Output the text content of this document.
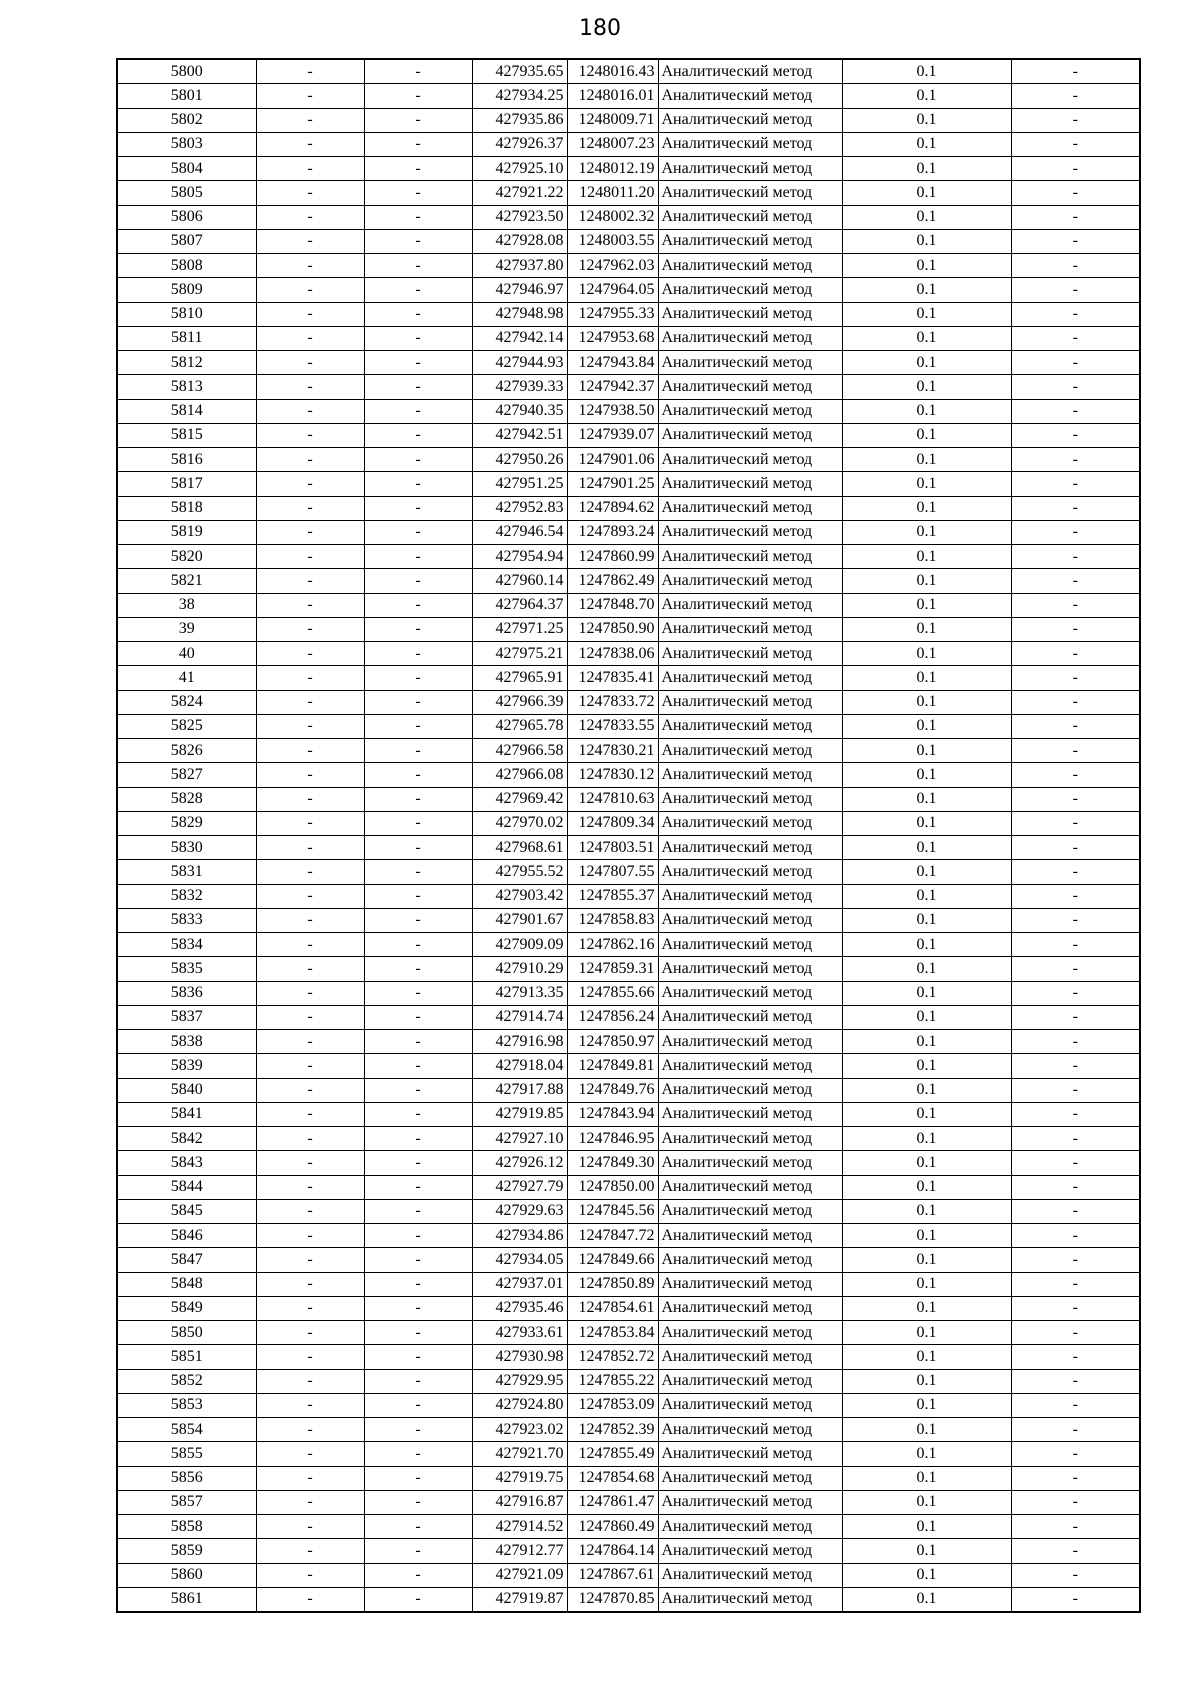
180
5800	-	-	427935.65	1248016.43	Аналитический метод	0.1	-
5801	-	-	427934.25	1248016.01	Аналитический метод	0.1	-
5802	-	-	427935.86	1248009.71	Аналитический метод	0.1	-
5803	-	-	427926.37	1248007.23	Аналитический метод	0.1	-
5804	-	-	427925.10	1248012.19	Аналитический метод	0.1	-
5805	-	-	427921.22	1248011.20	Аналитический метод	0.1	-
5806	-	-	427923.50	1248002.32	Аналитический метод	0.1	-
5807	-	-	427928.08	1248003.55	Аналитический метод	0.1	-
5808	-	-	427937.80	1247962.03	Аналитический метод	0.1	-
5809	-	-	427946.97	1247964.05	Аналитический метод	0.1	-
5810	-	-	427948.98	1247955.33	Аналитический метод	0.1	-
5811	-	-	427942.14	1247953.68	Аналитический метод	0.1	-
5812	-	-	427944.93	1247943.84	Аналитический метод	0.1	-
5813	-	-	427939.33	1247942.37	Аналитический метод	0.1	-
5814	-	-	427940.35	1247938.50	Аналитический метод	0.1	-
5815	-	-	427942.51	1247939.07	Аналитический метод	0.1	-
5816	-	-	427950.26	1247901.06	Аналитический метод	0.1	-
5817	-	-	427951.25	1247901.25	Аналитический метод	0.1	-
5818	-	-	427952.83	1247894.62	Аналитический метод	0.1	-
5819	-	-	427946.54	1247893.24	Аналитический метод	0.1	-
5820	-	-	427954.94	1247860.99	Аналитический метод	0.1	-
5821	-	-	427960.14	1247862.49	Аналитический метод	0.1	-
38	-	-	427964.37	1247848.70	Аналитический метод	0.1	-
39	-	-	427971.25	1247850.90	Аналитический метод	0.1	-
40	-	-	427975.21	1247838.06	Аналитический метод	0.1	-
41	-	-	427965.91	1247835.41	Аналитический метод	0.1	-
5824	-	-	427966.39	1247833.72	Аналитический метод	0.1	-
5825	-	-	427965.78	1247833.55	Аналитический метод	0.1	-
5826	-	-	427966.58	1247830.21	Аналитический метод	0.1	-
5827	-	-	427966.08	1247830.12	Аналитический метод	0.1	-
5828	-	-	427969.42	1247810.63	Аналитический метод	0.1	-
5829	-	-	427970.02	1247809.34	Аналитический метод	0.1	-
5830	-	-	427968.61	1247803.51	Аналитический метод	0.1	-
5831	-	-	427955.52	1247807.55	Аналитический метод	0.1	-
5832	-	-	427903.42	1247855.37	Аналитический метод	0.1	-
5833	-	-	427901.67	1247858.83	Аналитический метод	0.1	-
5834	-	-	427909.09	1247862.16	Аналитический метод	0.1	-
5835	-	-	427910.29	1247859.31	Аналитический метод	0.1	-
5836	-	-	427913.35	1247855.66	Аналитический метод	0.1	-
5837	-	-	427914.74	1247856.24	Аналитический метод	0.1	-
5838	-	-	427916.98	1247850.97	Аналитический метод	0.1	-
5839	-	-	427918.04	1247849.81	Аналитический метод	0.1	-
5840	-	-	427917.88	1247849.76	Аналитический метод	0.1	-
5841	-	-	427919.85	1247843.94	Аналитический метод	0.1	-
5842	-	-	427927.10	1247846.95	Аналитический метод	0.1	-
5843	-	-	427926.12	1247849.30	Аналитический метод	0.1	-
5844	-	-	427927.79	1247850.00	Аналитический метод	0.1	-
5845	-	-	427929.63	1247845.56	Аналитический метод	0.1	-
5846	-	-	427934.86	1247847.72	Аналитический метод	0.1	-
5847	-	-	427934.05	1247849.66	Аналитический метод	0.1	-
5848	-	-	427937.01	1247850.89	Аналитический метод	0.1	-
5849	-	-	427935.46	1247854.61	Аналитический метод	0.1	-
5850	-	-	427933.61	1247853.84	Аналитический метод	0.1	-
5851	-	-	427930.98	1247852.72	Аналитический метод	0.1	-
5852	-	-	427929.95	1247855.22	Аналитический метод	0.1	-
5853	-	-	427924.80	1247853.09	Аналитический метод	0.1	-
5854	-	-	427923.02	1247852.39	Аналитический метод	0.1	-
5855	-	-	427921.70	1247855.49	Аналитический метод	0.1	-
5856	-	-	427919.75	1247854.68	Аналитический метод	0.1	-
5857	-	-	427916.87	1247861.47	Аналитический метод	0.1	-
5858	-	-	427914.52	1247860.49	Аналитический метод	0.1	-
5859	-	-	427912.77	1247864.14	Аналитический метод	0.1	-
5860	-	-	427921.09	1247867.61	Аналитический метод	0.1	-
5861	-	-	427919.87	1247870.85	Аналитический метод	0.1	-
